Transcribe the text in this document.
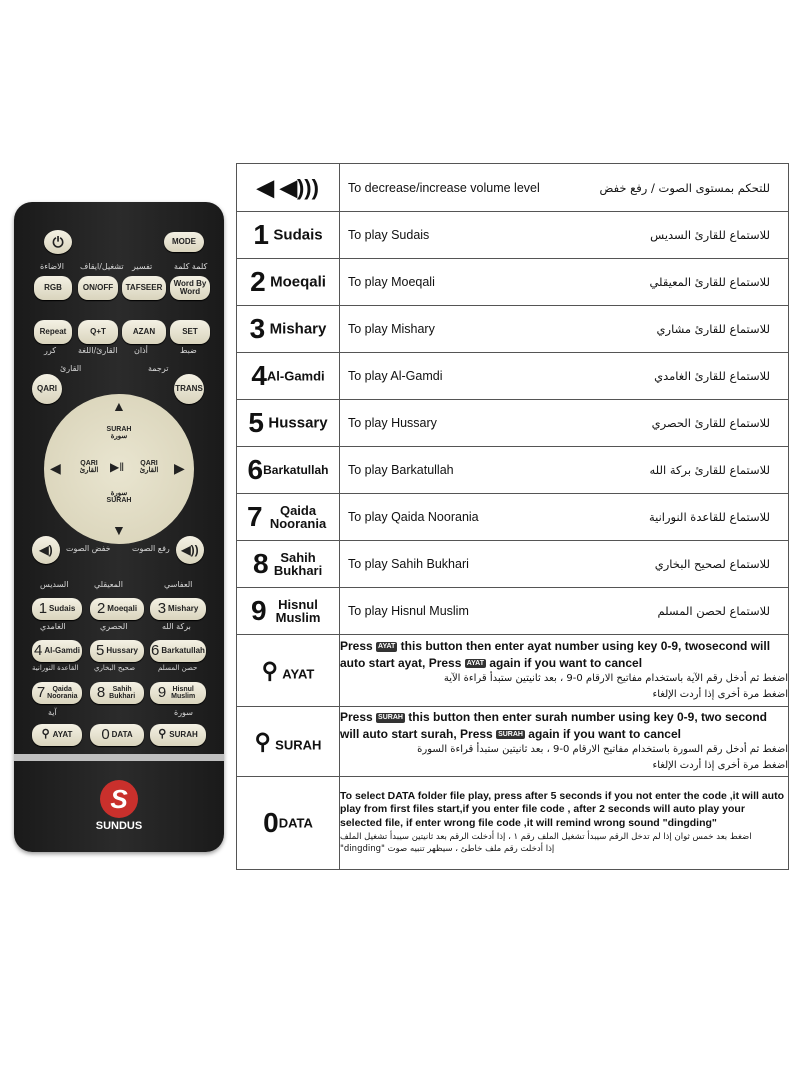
⏻	MODE
الاضاءة تشغيل/ايقاف تفسير	كلمة كلمة
RGB	ON/OFF TAFSEER	Word By Word
Repeat	Q+T	AZAN	SET
كرر	القارئ/اللغة أذان	ضبط
القارئ	ترجمة
QARI	TRANS
▲
▼
◀	▶
SURAH
سورة
سورة
SURAH
QARI
القارئ
QARI
القارئ
▶‖
◀)	خفض الصوت	رفع الصوت ◀))
السديس	المعيقلي	العفاسي
1 Sudais 2 Moeqali 3 Mishary
4 Al-Gamdi 5 Hussary 6 Barkatullah
الغامدي	الحصري	بركة الله
القاعدة النورانية صحيح البخاري	حصن المسلم
7	Qaida Noorania 8	Sahih Bukhari 9 Hisnul Muslim
آية	سورة
⚲ AYAT 0 DATA ⚲ SURAH
S
SUNDUS
◀ ◀)))	To decrease/increase volume level للتحكم بمستوى الصوت / رفع خفض

1 Sudais	To play Sudais للاستماع للقارئ السديس

2 Moeqali	To play Moeqali للاستماع للقارئ المعيقلي

3 Mishary	To play Mishary للاستماع للقارئ مشاري

4Al-Gamdi	To play Al-Gamdi للاستماع للقارئ الغامدي

5 Hussary	To play Hussary للاستماع للقارئ الحصري

6Barkatullah	To play Barkatullah للاستماع للقارئ بركة الله

7 Qaida Noorania	To play Qaida Noorania للاستماع للقاعدة النورانية

8 Sahih Bukhari	To play Sahih Bukhari للاستماع لصحيح البخاري

9 Hisnul Muslim	To play Hisnul Muslim للاستماع لحصن المسلم

⚲ AYAT	Press AYAT this button then enter ayat number using key 0-9, twosecond will auto start ayat, Press AYAT again if you want to cancel
اضغط ثم أدخل رقم الآية باستخدام مفاتيح الارقام 0-9 ، بعد ثانيتين ستبدأ قراءة الآية
اضغط مرة أخرى إذا أردت الإلغاء

⚲ SURAH	Press SURAH this button then enter surah number using key 0-9, two second will auto start surah, Press SURAH again if you want to cancel
اضغط ثم أدخل رقم السورة باستخدام مفاتيح الارقام 0-9 ، بعد ثانيتين ستبدأ قراءة السورة
اضغط مرة أخرى إذا أردت الإلغاء

0DATA	To select DATA folder file play, press after 5 seconds if you not enter the code ,it will auto play from first files start,if you enter file code , after 2 seconds will auto play your selected file, if enter wrong file code ,it will remind wrong sound "dingding"
اضغط بعد خمس ثوان إذا لم تدخل الرقم سيبدأ تشغيل الملف رقم ١ ، إذا أدخلت الرقم بعد ثانيتين سيبدأ تشغيل الملف
إذا أدخلت رقم ملف خاطئ ، سيظهر تنبيه صوت "dingding"
